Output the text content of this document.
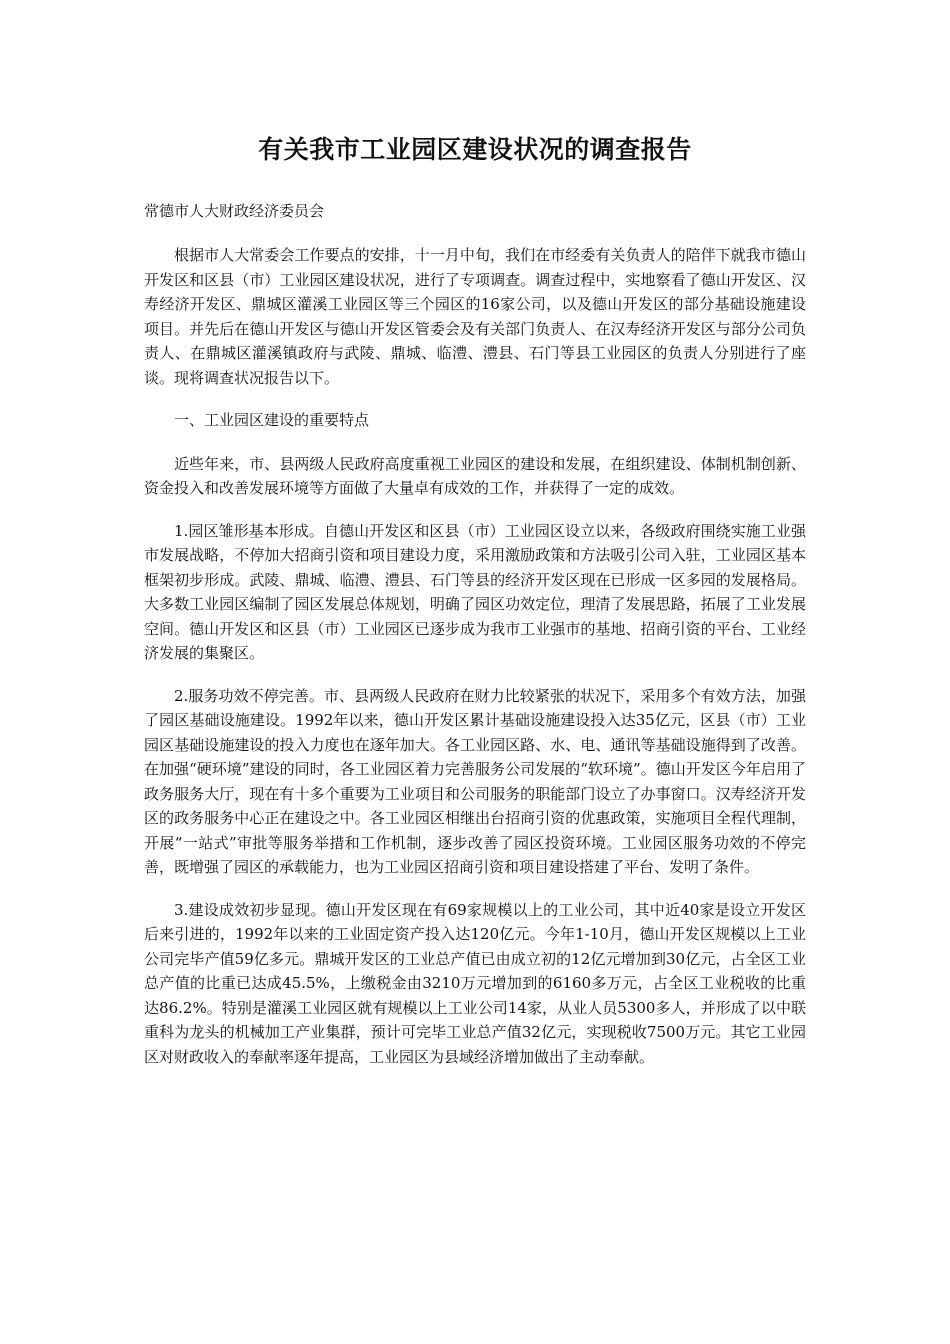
有关我市工业园区建设状况的调查报告

常德市人大财政经济委员会

根据市人大常委会工作要点的安排，十一月中旬，我们在市经委有关负责人的陪伴下就我市德山开发区和区县（市）工业园区建设状况，进行了专项调查。调查过程中，实地察看了德山开发区、汉寿经济开发区、鼎城区灌溪工业园区等三个园区的16家公司，以及德山开发区的部分基础设施建设项目。并先后在德山开发区与德山开发区管委会及有关部门负责人、在汉寿经济开发区与部分公司负责人、在鼎城区灌溪镇政府与武陵、鼎城、临澧、澧县、石门等县工业园区的负责人分别进行了座谈。现将调查状况报告以下。

一、工业园区建设的重要特点

近些年来，市、县两级人民政府高度重视工业园区的建设和发展，在组织建设、体制机制创新、资金投入和改善发展环境等方面做了大量卓有成效的工作，并获得了一定的成效。

1.园区雏形基本形成。自德山开发区和区县（市）工业园区设立以来，各级政府围绕实施工业强市发展战略，不停加大招商引资和项目建设力度，采用激励政策和方法吸引公司入驻，工业园区基本框架初步形成。武陵、鼎城、临澧、澧县、石门等县的经济开发区现在已形成一区多园的发展格局。大多数工业园区编制了园区发展总体规划，明确了园区功效定位，理清了发展思路，拓展了工业发展空间。德山开发区和区县（市）工业园区已逐步成为我市工业强市的基地、招商引资的平台、工业经济发展的集聚区。

2.服务功效不停完善。市、县两级人民政府在财力比较紧张的状况下，采用多个有效方法，加强了园区基础设施建设。1992年以来，德山开发区累计基础设施建设投入达35亿元，区县（市）工业园区基础设施建设的投入力度也在逐年加大。各工业园区路、水、电、通讯等基础设施得到了改善。在加强“硬环境”建设的同时，各工业园区着力完善服务公司发展的“软环境”。德山开发区今年启用了政务服务大厅，现在有十多个重要为工业项目和公司服务的职能部门设立了办事窗口。汉寿经济开发区的政务服务中心正在建设之中。各工业园区相继出台招商引资的优惠政策，实施项目全程代理制，开展“一站式”审批等服务举措和工作机制，逐步改善了园区投资环境。工业园区服务功效的不停完善，既增强了园区的承载能力，也为工业园区招商引资和项目建设搭建了平台、发明了条件。

3.建设成效初步显现。德山开发区现在有69家规模以上的工业公司，其中近40家是设立开发区后来引进的，1992年以来的工业固定资产投入达120亿元。今年1-10月，德山开发区规模以上工业公司完毕产值59亿多元。鼎城开发区的工业总产值已由成立初的12亿元增加到30亿元，占全区工业总产值的比重已达成45.5%，上缴税金由3210万元增加到的6160多万元，占全区工业税收的比重达86.2%。特别是灌溪工业园区就有规模以上工业公司14家，从业人员5300多人，并形成了以中联重科为龙头的机械加工产业集群，预计可完毕工业总产值32亿元，实现税收7500万元。其它工业园区对财政收入的奉献率逐年提高，工业园区为县域经济增加做出了主动奉献。
